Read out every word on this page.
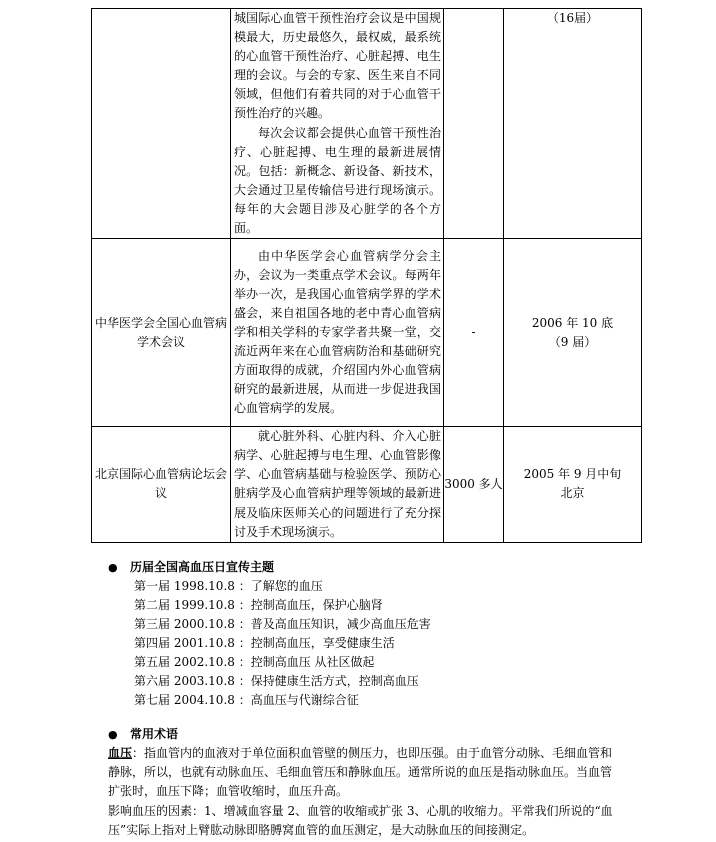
	城国际心血管干预性治疗会议是中国规模最大，历史最悠久，最权威，最系统的心血管干预性治疗、心脏起搏、电生理的会议。与会的专家、医生来自不同领域，但他们有着共同的对于心血管干预性治疗的兴趣。
每次会议都会提供心血管干预性治疗、心脏起搏、电生理的最新进展情况。包括：新概念、新设备、新技术，大会通过卫星传输信号进行现场演示。 每年的大会题目涉及心脏学的各个方面。		（16届）

中华医学会全国心血管病学术会议	由中华医学会心血管病学分会主办，会议为一类重点学术会议。每两年举办一次，是我国心血管病学界的学术盛会，来自祖国各地的老中青心血管病学和相关学科的专家学者共聚一堂，交流近两年来在心血管病防治和基础研究方面取得的成就，介绍国内外心血管病研究的最新进展，从而进一步促进我国心血管病学的发展。	-	2006 年 10 底
（9 届）

北京国际心血管病论坛会议	就心脏外科、心脏内科、介入心脏病学、心脏起搏与电生理、心血管影像学、心血管病基础与检验医学、预防心脏病学及心血管病护理等领域的最新进展及临床医师关心的问题进行了充分探讨及手术现场演示。	3000 多人	2005 年 9 月中旬
北京
● 历届全国高血压日宣传主题
第一届 1998.10.8 ：了解您的血压
第二届 1999.10.8 ：控制高血压，保护心脑肾
第三届 2000.10.8 ：普及高血压知识，减少高血压危害
第四届 2001.10.8 ：控制高血压，享受健康生活
第五届 2002.10.8 ：控制高血压 从社区做起
第六届 2003.10.8 ：保持健康生活方式，控制高血压
第七届 2004.10.8 ：高血压与代谢综合征
● 常用术语
血压：指血管内的血液对于单位面积血管壁的侧压力，也即压强。由于血管分动脉、毛细血管和静脉，所以，也就有动脉血压、毛细血管压和静脉血压。通常所说的血压是指动脉血压。当血管扩张时，血压下降；血管收缩时，血压升高。
影响血压的因素：1、增减血容量 2、血管的收缩或扩张 3、心肌的收缩力。平常我们所说的“血压”实际上指对上臂肱动脉即胳膊窝血管的血压测定，是大动脉血压的间接测定。
